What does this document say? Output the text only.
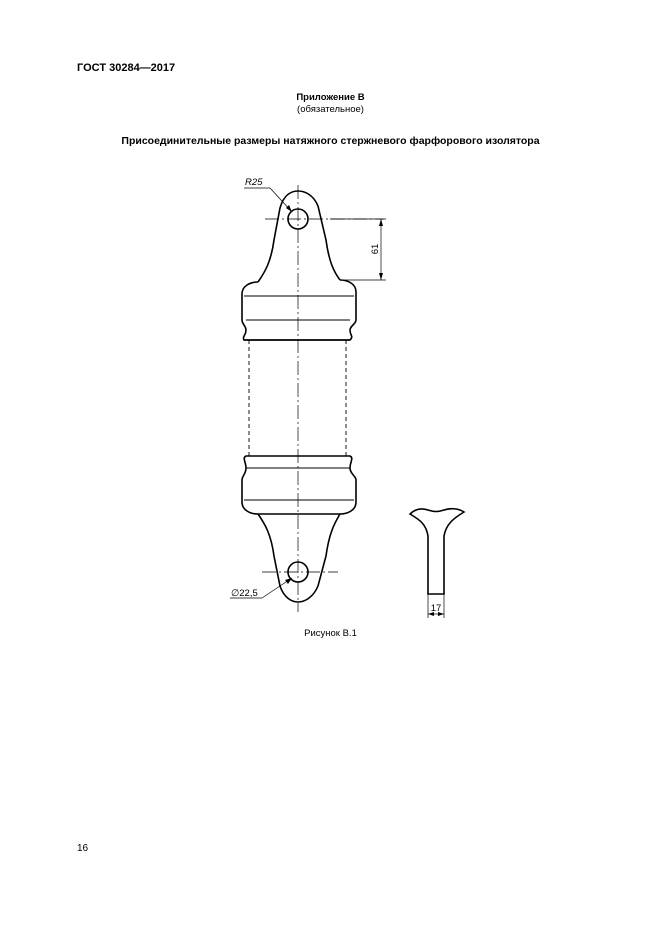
ГОСТ 30284—2017
Приложение В
(обязательное)
Присоединительные размеры натяжного стержневого фарфорового изолятора
R25
61
∅22,5
17
Рисунок В.1
16
